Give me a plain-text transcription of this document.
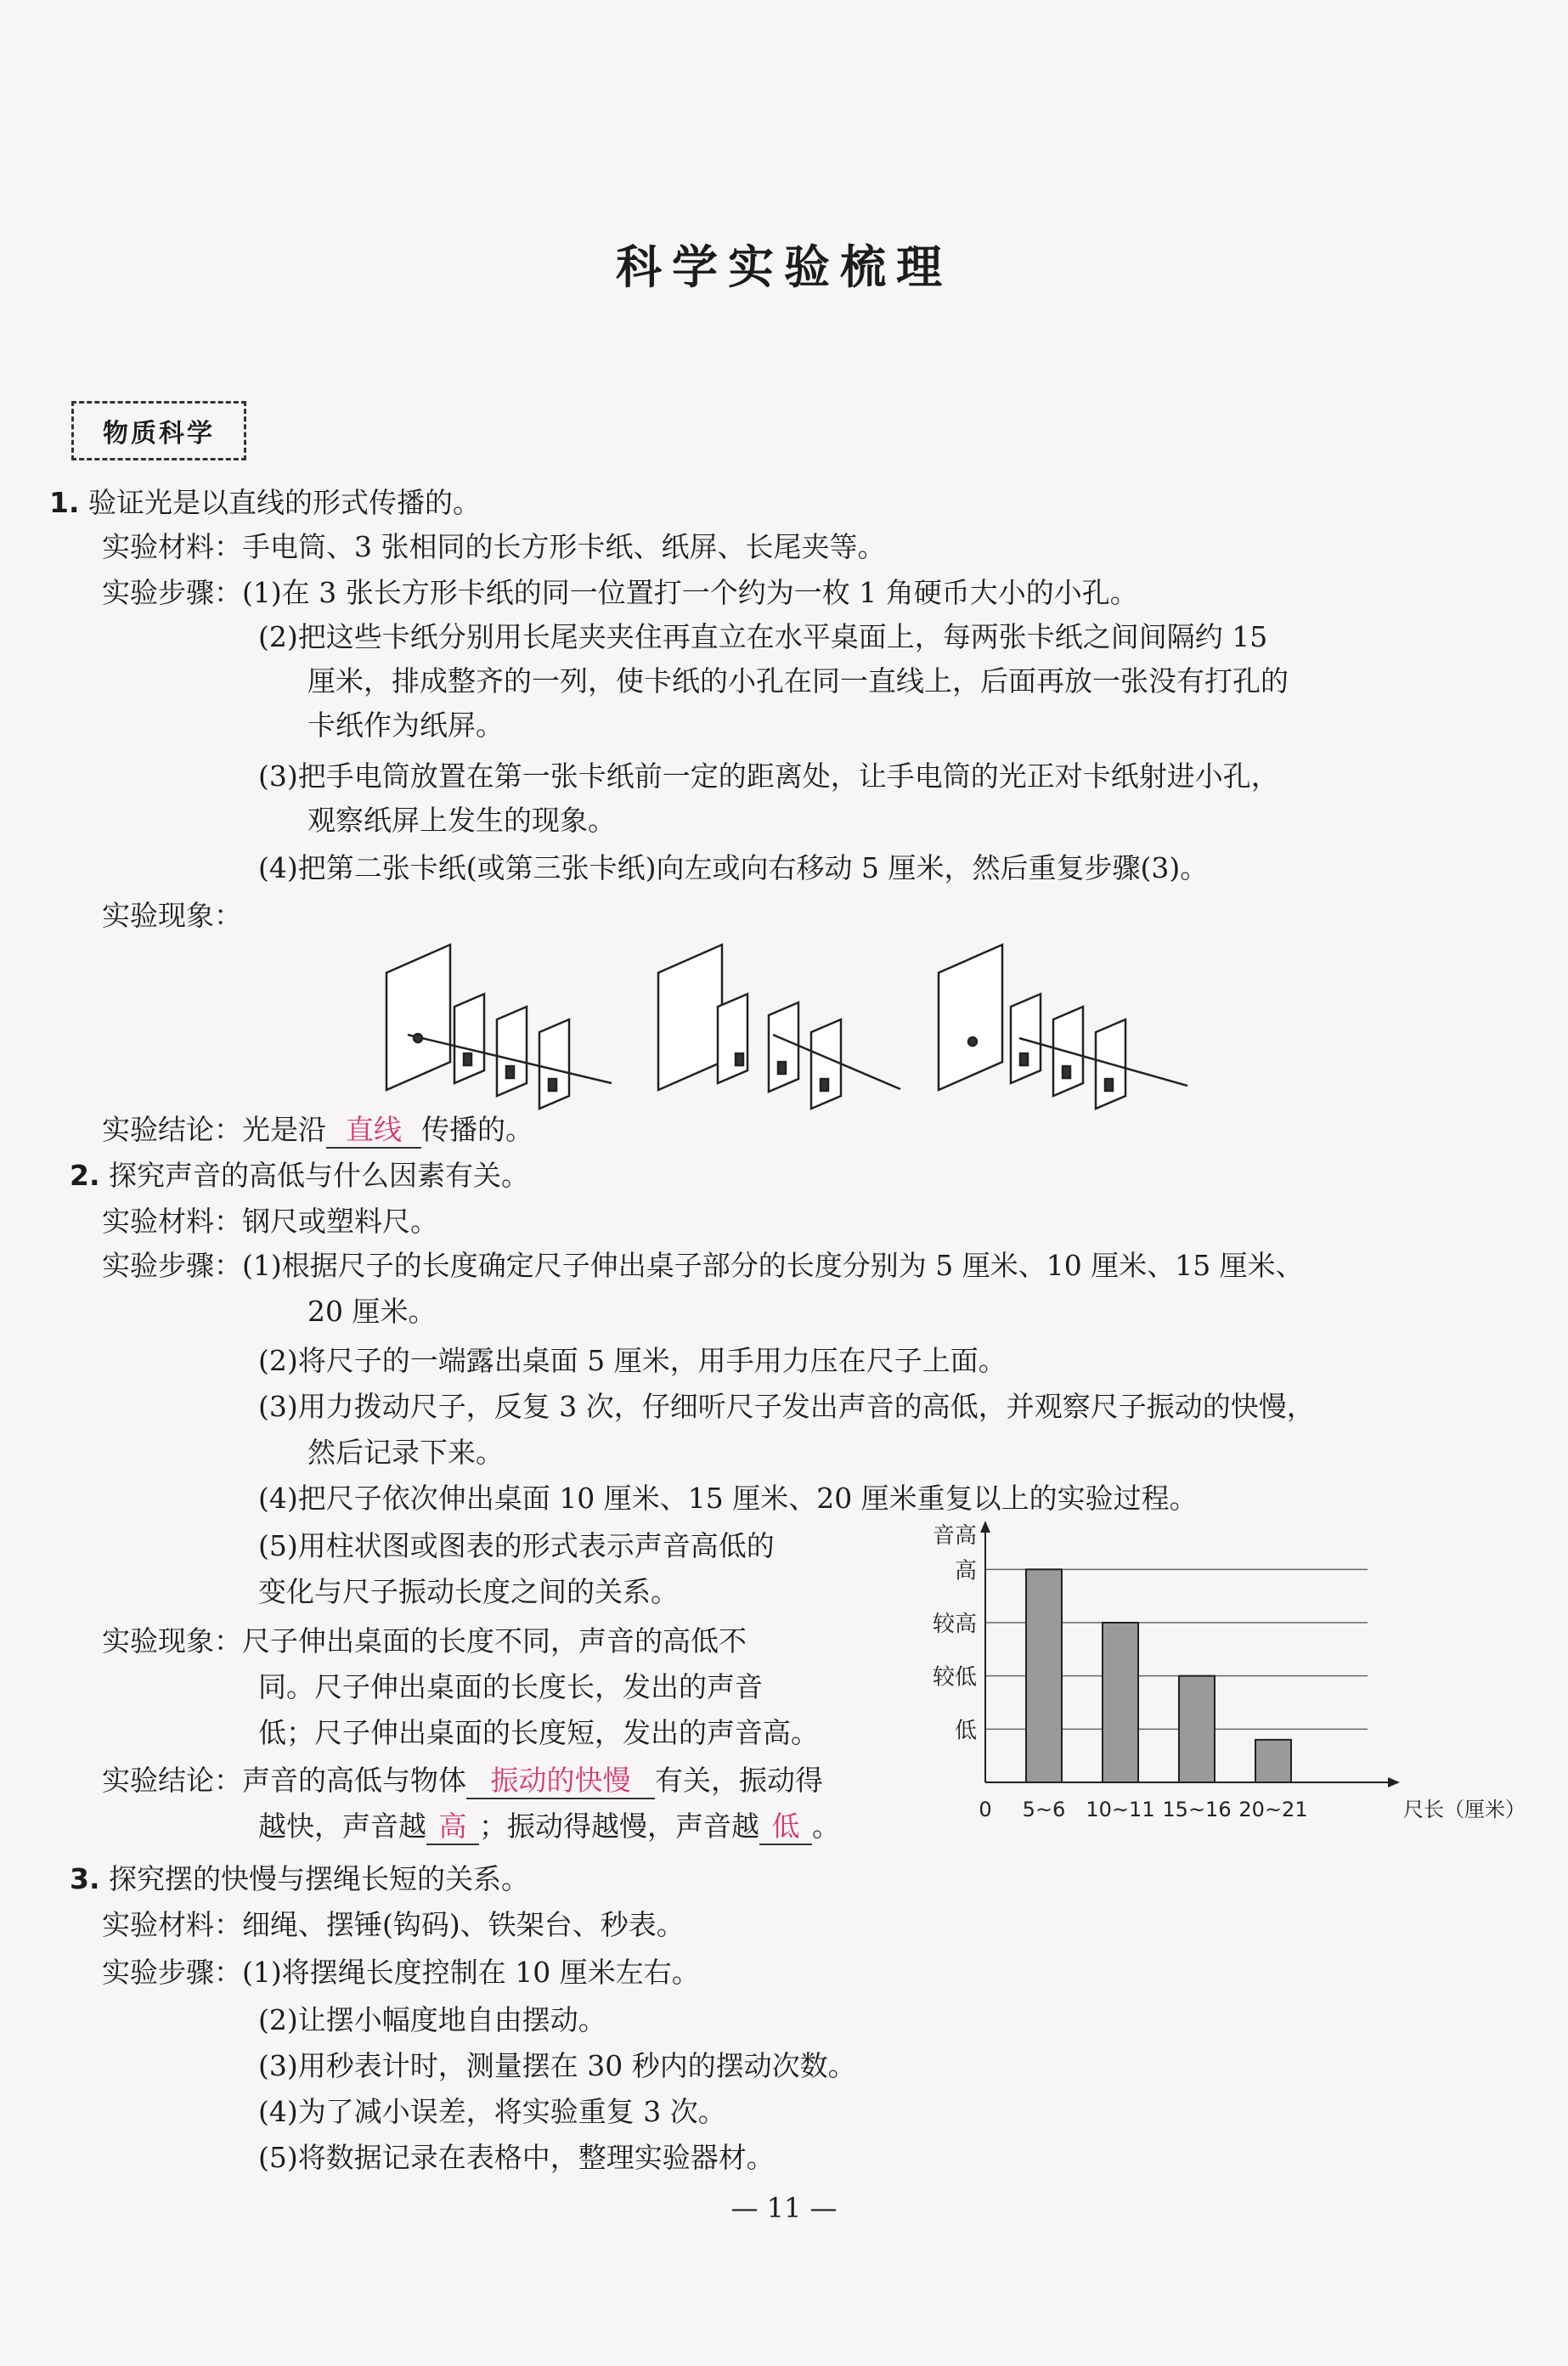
科学实验梳理
物质科学
1. 验证光是以直线的形式传播的。
实验材料：手电筒、3 张相同的长方形卡纸、纸屏、长尾夹等。
实验步骤：(1)在 3 张长方形卡纸的同一位置打一个约为一枚 1 角硬币大小的小孔。
(2)把这些卡纸分别用长尾夹夹住再直立在水平桌面上，每两张卡纸之间间隔约 15
厘米，排成整齐的一列，使卡纸的小孔在同一直线上，后面再放一张没有打孔的
卡纸作为纸屏。
(3)把手电筒放置在第一张卡纸前一定的距离处，让手电筒的光正对卡纸射进小孔，
观察纸屏上发生的现象。
(4)把第二张卡纸(或第三张卡纸)向左或向右移动 5 厘米，然后重复步骤(3)。
实验现象：
实验结论：光是沿 直线 传播的。
2. 探究声音的高低与什么因素有关。
实验材料：钢尺或塑料尺。
实验步骤：(1)根据尺子的长度确定尺子伸出桌子部分的长度分别为 5 厘米、10 厘米、15 厘米、
20 厘米。
(2)将尺子的一端露出桌面 5 厘米，用手用力压在尺子上面。
(3)用力拨动尺子，反复 3 次，仔细听尺子发出声音的高低，并观察尺子振动的快慢，
然后记录下来。
(4)把尺子依次伸出桌面 10 厘米、15 厘米、20 厘米重复以上的实验过程。
(5)用柱状图或图表的形式表示声音高低的
变化与尺子振动长度之间的关系。
实验现象：尺子伸出桌面的长度不同，声音的高低不
同。尺子伸出桌面的长度长，发出的声音
低；尺子伸出桌面的长度短，发出的声音高。
实验结论：声音的高低与物体 振动的快慢 有关，振动得
越快，声音越 高 ；振动得越慢，声音越 低 。
低
较低
较高
高
音高
尺长（厘米）
0 5~6 10~11 15~16 20~21
3. 探究摆的快慢与摆绳长短的关系。
实验材料：细绳、摆锤(钩码)、铁架台、秒表。
实验步骤：(1)将摆绳长度控制在 10 厘米左右。
(2)让摆小幅度地自由摆动。
(3)用秒表计时，测量摆在 30 秒内的摆动次数。
(4)为了减小误差，将实验重复 3 次。
(5)将数据记录在表格中，整理实验器材。
— 11 —
